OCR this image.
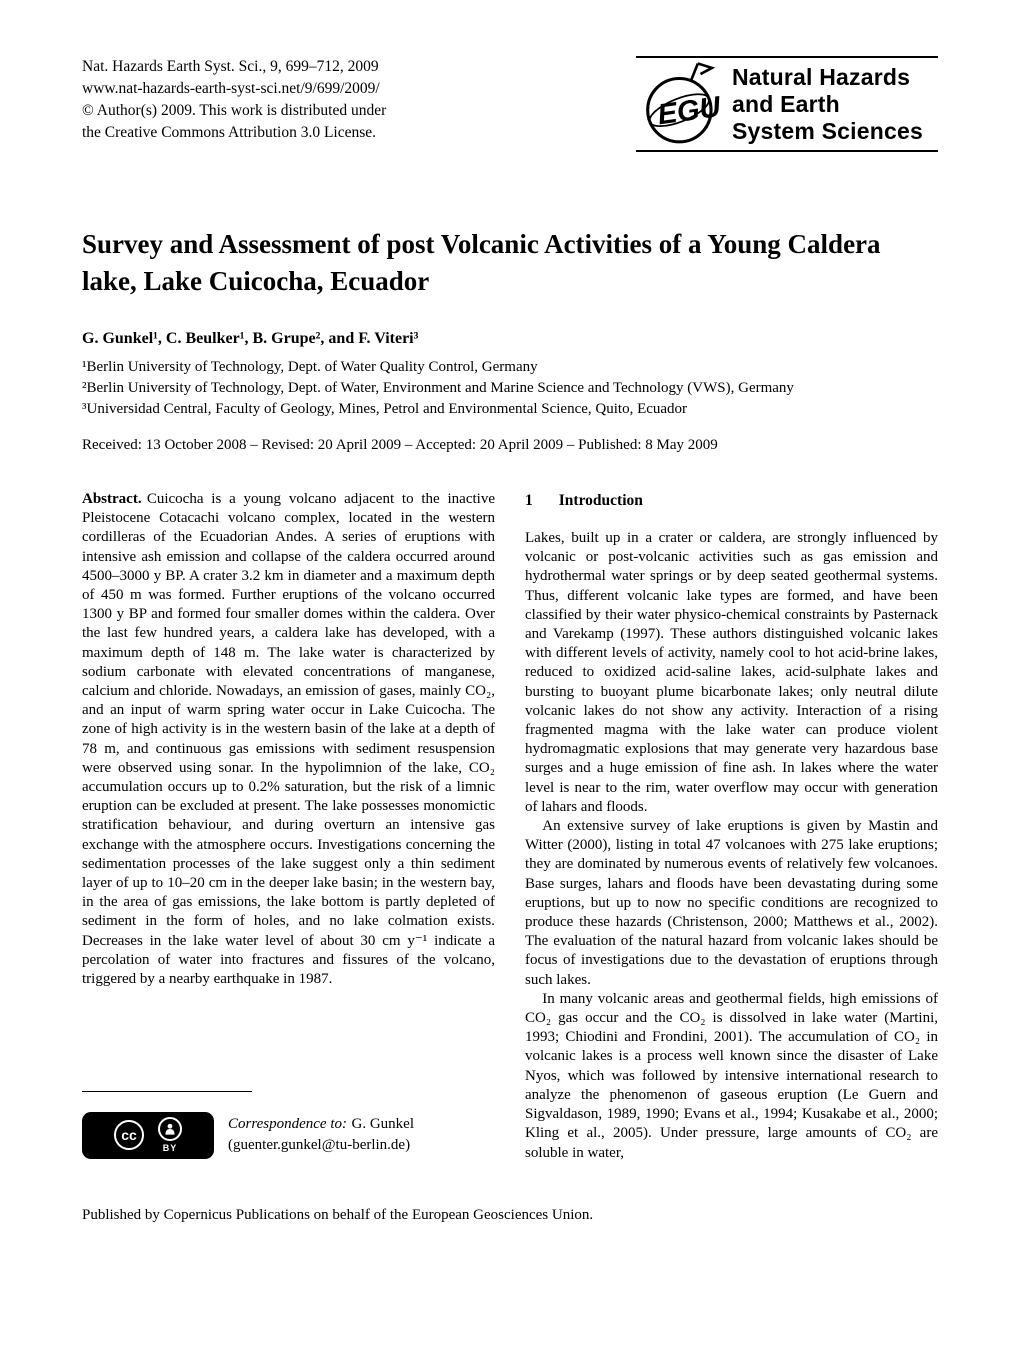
Nat. Hazards Earth Syst. Sci., 9, 699–712, 2009
www.nat-hazards-earth-syst-sci.net/9/699/2009/
© Author(s) 2009. This work is distributed under
the Creative Commons Attribution 3.0 License.
EGU
Natural Hazards
and Earth
System Sciences
Survey and Assessment of post Volcanic Activities of a Young Caldera
lake, Lake Cuicocha, Ecuador
G. Gunkel¹, C. Beulker¹, B. Grupe², and F. Viteri³
¹Berlin University of Technology, Dept. of Water Quality Control, Germany
²Berlin University of Technology, Dept. of Water, Environment and Marine Science and Technology (VWS), Germany
³Universidad Central, Faculty of Geology, Mines, Petrol and Environmental Science, Quito, Ecuador
Received: 13 October 2008 – Revised: 20 April 2009 – Accepted: 20 April 2009 – Published: 8 May 2009

Abstract. Cuicocha is a young volcano adjacent to the inactive Pleistocene Cotacachi volcano complex, located in the western cordilleras of the Ecuadorian Andes. A series of eruptions with intensive ash emission and collapse of the caldera occurred around 4500–3000 y BP. A crater 3.2 km in diameter and a maximum depth of 450 m was formed. Further eruptions of the volcano occurred 1300 y BP and formed four smaller domes within the caldera. Over the last few hundred years, a caldera lake has developed, with a maximum depth of 148 m. The lake water is characterized by sodium carbonate with elevated concentrations of manganese, calcium and chloride. Nowadays, an emission of gases, mainly CO₂, and an input of warm spring water occur in Lake Cuicocha. The zone of high activity is in the western basin of the lake at a depth of 78 m, and continuous gas emissions with sediment resuspension were observed using sonar. In the hypolimnion of the lake, CO₂ accumulation occurs up to 0.2% saturation, but the risk of a limnic eruption can be excluded at present. The lake possesses monomictic stratification behaviour, and during overturn an intensive gas exchange with the atmosphere occurs. Investigations concerning the sedimentation processes of the lake suggest only a thin sediment layer of up to 10–20 cm in the deeper lake basin; in the western bay, in the area of gas emissions, the lake bottom is partly depleted of sediment in the form of holes, and no lake colmation exists. Decreases in the lake water level of about 30 cm y⁻¹ indicate a percolation of water into fractures and fissures of the volcano, triggered by a nearby earthquake in 1987.

cc
BY
Correspondence to: G. Gunkel
(guenter.gunkel@tu-berlin.de)
1 Introduction

Lakes, built up in a crater or caldera, are strongly influenced by volcanic or post-volcanic activities such as gas emission and hydrothermal water springs or by deep seated geothermal systems. Thus, different volcanic lake types are formed, and have been classified by their water physico-chemical constraints by Pasternack and Varekamp (1997). These authors distinguished volcanic lakes with different levels of activity, namely cool to hot acid-brine lakes, reduced to oxidized acid-saline lakes, acid-sulphate lakes and bursting to buoyant plume bicarbonate lakes; only neutral dilute volcanic lakes do not show any activity. Interaction of a rising fragmented magma with the lake water can produce violent hydromagmatic explosions that may generate very hazardous base surges and a huge emission of fine ash. In lakes where the water level is near to the rim, water overflow may occur with generation of lahars and floods.

An extensive survey of lake eruptions is given by Mastin and Witter (2000), listing in total 47 volcanoes with 275 lake eruptions; they are dominated by numerous events of relatively few volcanoes. Base surges, lahars and floods have been devastating during some eruptions, but up to now no specific conditions are recognized to produce these hazards (Christenson, 2000; Matthews et al., 2002). The evaluation of the natural hazard from volcanic lakes should be focus of investigations due to the devastation of eruptions through such lakes.

In many volcanic areas and geothermal fields, high emissions of CO₂ gas occur and the CO₂ is dissolved in lake water (Martini, 1993; Chiodini and Frondini, 2001). The accumulation of CO₂ in volcanic lakes is a process well known since the disaster of Lake Nyos, which was followed by intensive international research to analyze the phenomenon of gaseous eruption (Le Guern and Sigvaldason, 1989, 1990; Evans et al., 1994; Kusakabe et al., 2000; Kling et al., 2005). Under pressure, large amounts of CO₂ are soluble in water,

Published by Copernicus Publications on behalf of the European Geosciences Union.
